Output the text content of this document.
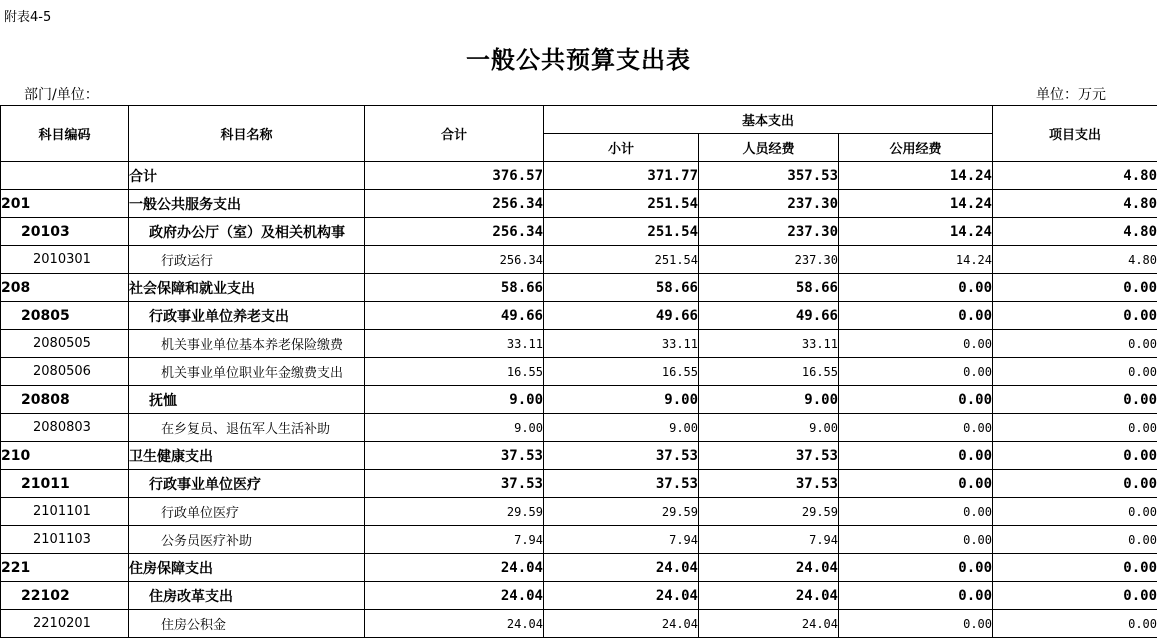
附表4-5
一般公共预算支出表
部门/单位：	单位：万元
科目编码	科目名称	合计	基本支出			项目支出
			小计	人员经费	公用经费	
	合计	376.57	371.77	357.53	14.24	4.80
201	一般公共服务支出	256.34	251.54	237.30	14.24	4.80
20103	政府办公厅（室）及相关机构事	256.34	251.54	237.30	14.24	4.80
2010301	行政运行	256.34	251.54	237.30	14.24	4.80
208	社会保障和就业支出	58.66	58.66	58.66	0.00	0.00
20805	行政事业单位养老支出	49.66	49.66	49.66	0.00	0.00
2080505	机关事业单位基本养老保险缴费	33.11	33.11	33.11	0.00	0.00
2080506	机关事业单位职业年金缴费支出	16.55	16.55	16.55	0.00	0.00
20808	抚恤	9.00	9.00	9.00	0.00	0.00
2080803	在乡复员、退伍军人生活补助	9.00	9.00	9.00	0.00	0.00
210	卫生健康支出	37.53	37.53	37.53	0.00	0.00
21011	行政事业单位医疗	37.53	37.53	37.53	0.00	0.00
2101101	行政单位医疗	29.59	29.59	29.59	0.00	0.00
2101103	公务员医疗补助	7.94	7.94	7.94	0.00	0.00
221	住房保障支出	24.04	24.04	24.04	0.00	0.00
22102	住房改革支出	24.04	24.04	24.04	0.00	0.00
2210201	住房公积金	24.04	24.04	24.04	0.00	0.00
